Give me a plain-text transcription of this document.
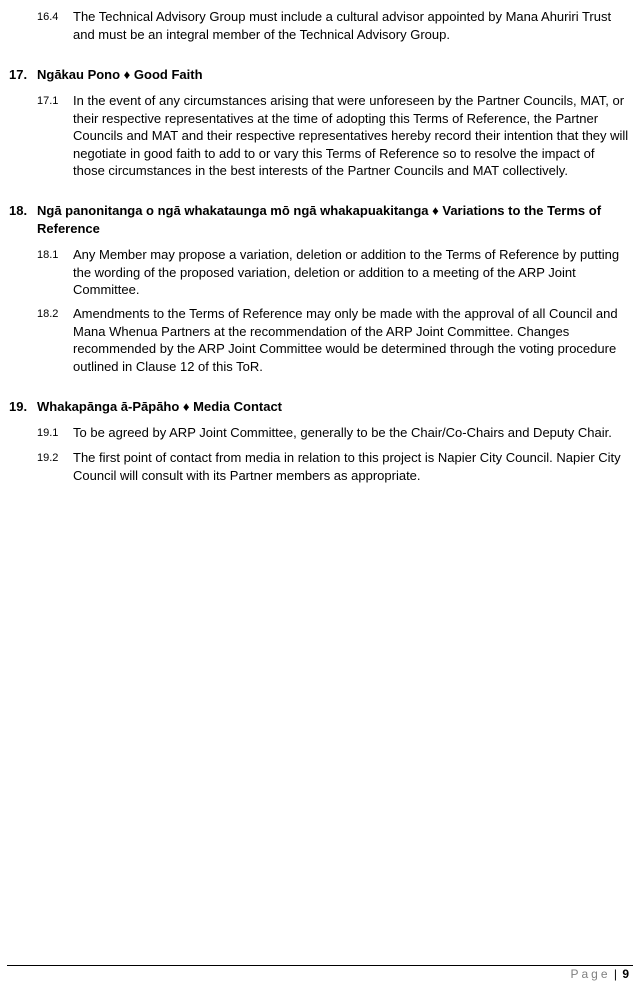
16.4 The Technical Advisory Group must include a cultural advisor appointed by Mana Ahuriri Trust and must be an integral member of the Technical Advisory Group.
17. Ngākau Pono ♦ Good Faith
17.1 In the event of any circumstances arising that were unforeseen by the Partner Councils, MAT, or their respective representatives at the time of adopting this Terms of Reference, the Partner Councils and MAT and their respective representatives hereby record their intention that they will negotiate in good faith to add to or vary this Terms of Reference so to resolve the impact of those circumstances in the best interests of the Partner Councils and MAT collectively.
18. Ngā panonitanga o ngā whakataunga mō ngā whakapuakitanga ♦ Variations to the Terms of Reference
18.1 Any Member may propose a variation, deletion or addition to the Terms of Reference by putting the wording of the proposed variation, deletion or addition to a meeting of the ARP Joint Committee.
18.2 Amendments to the Terms of Reference may only be made with the approval of all Council and Mana Whenua Partners at the recommendation of the ARP Joint Committee. Changes recommended by the ARP Joint Committee would be determined through the voting procedure outlined in Clause 12 of this ToR.
19. Whakapānga ā-Pāpāho ♦ Media Contact
19.1 To be agreed by ARP Joint Committee, generally to be the Chair/Co-Chairs and Deputy Chair.
19.2 The first point of contact from media in relation to this project is Napier City Council. Napier City Council will consult with its Partner members as appropriate.
Page | 9
